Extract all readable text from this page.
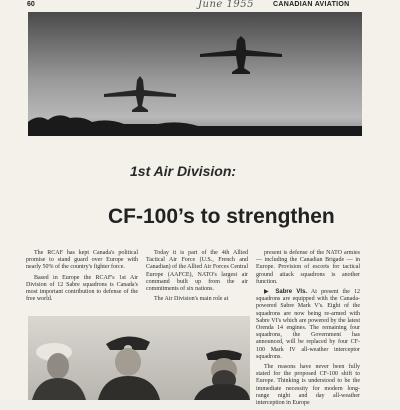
60	June 1955	CANADIAN AVIATION
1st Air Division:
CF-100’s to strengthen

The RCAF has kept Canada's political promise to stand guard over Europe with nearly 50% of the country's fighter force.

Based in Europe the RCAF's 1st Air Division of 12 Sabre squadrons is Canada's most important contribution to defense of the free world.

Today it is part of the 4th Allied Tactical Air Force (U.S., French and Canadian) of the Allied Air Forces Central Europe (AAFCE), NATO's largest air command built up from the air commitments of six nations.

The Air Division's main role at

present is defense of the NATO armies — including the Canadian Brigade — in Europe. Provision of escorts for tactical ground attack squadrons is another function.

▶ Sabre VIs. At present the 12 squadrons are equipped with the Canada-powered Sabre Mark V's. Eight of the squadrons are now being re-armed with Sabre VI's which are powered by the latest Orenda 14 engines. The remaining four squadrons, the Government has announced, will be replaced by four CF-100 Mark IV all-weather interceptor squadrons.

The reasons have never been fully stated for the proposed CF-100 shift to Europe. Thinking is understood to be the immediate necessity for modern long-range night and day all-weather interception in Europe
